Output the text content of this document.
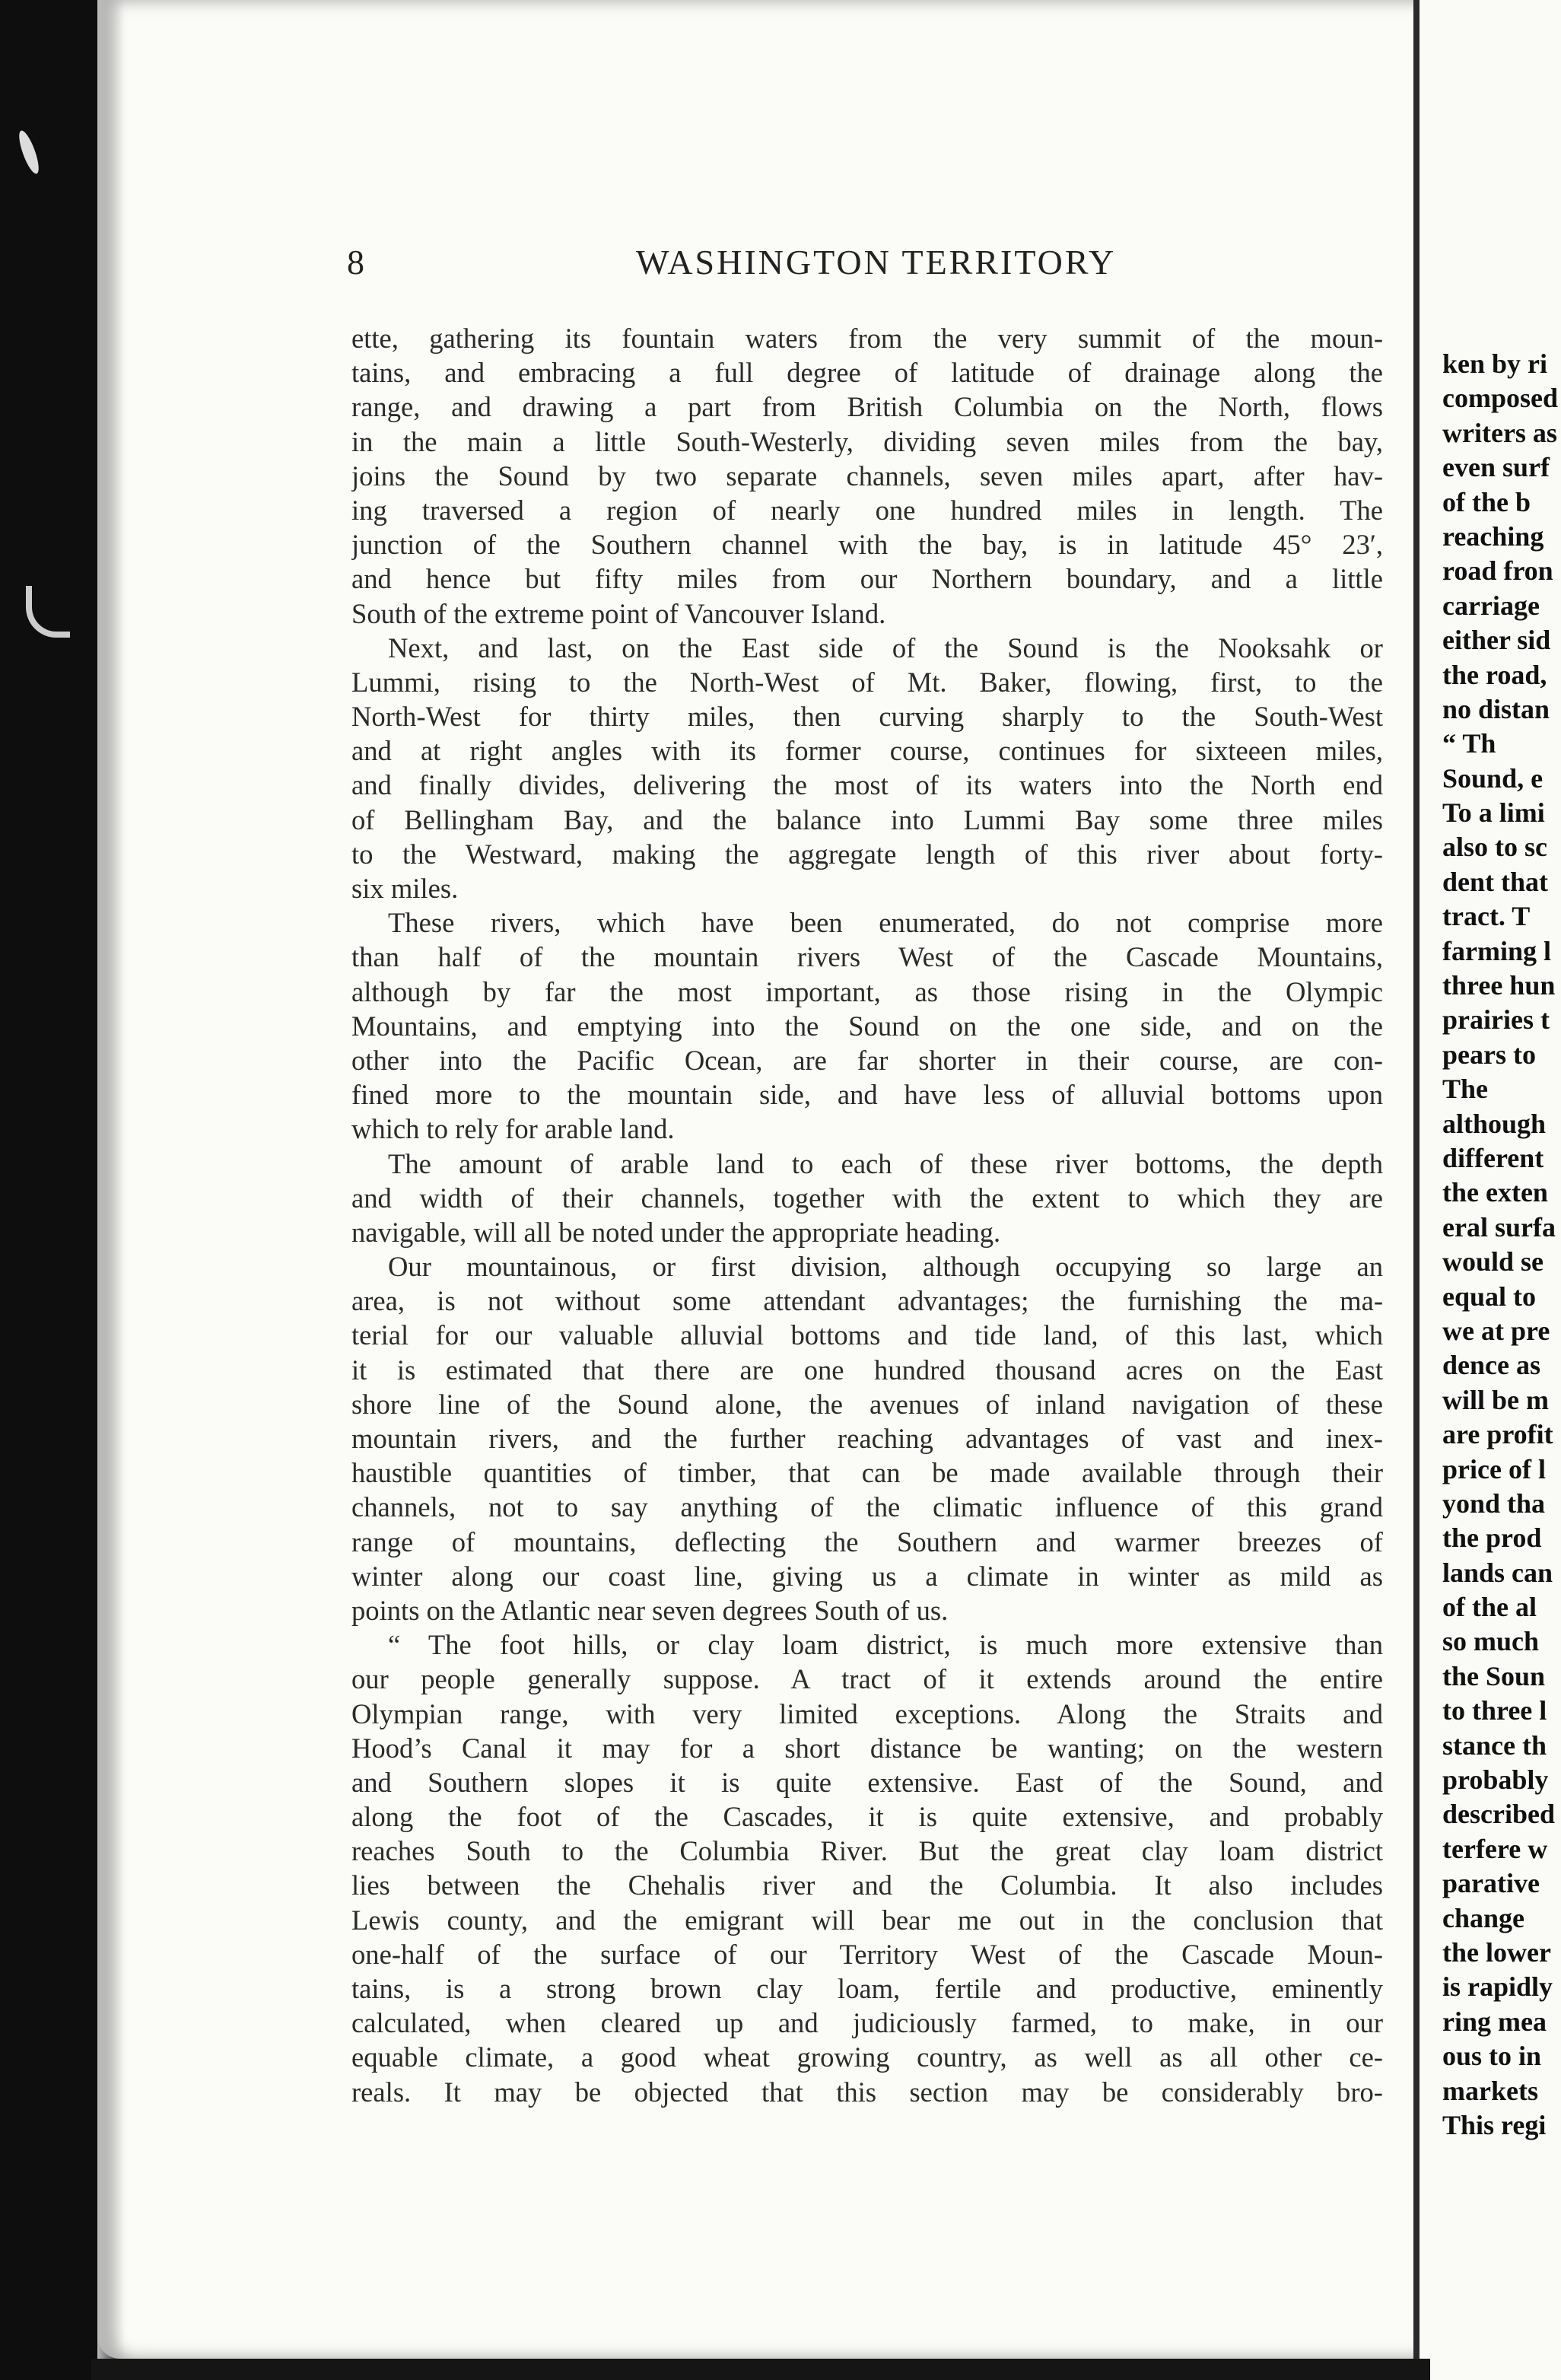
8	WASHINGTON TERRITORY
ette, gathering its fountain waters from the very summit of the moun-
tains, and embracing a full degree of latitude of drainage along the
range, and drawing a part from British Columbia on the North, flows
in the main a little South-Westerly, dividing seven miles from the bay,
joins the Sound by two separate channels, seven miles apart, after hav-
ing traversed a region of nearly one hundred miles in length. The
junction of the Southern channel with the bay, is in latitude 45° 23′,
and hence but fifty miles from our Northern boundary, and a little
South of the extreme point of Vancouver Island.
Next, and last, on the East side of the Sound is the Nooksahk or
Lummi, rising to the North-West of Mt. Baker, flowing, first, to the
North-West for thirty miles, then curving sharply to the South-West
and at right angles with its former course, continues for sixteeen miles,
and finally divides, delivering the most of its waters into the North end
of Bellingham Bay, and the balance into Lummi Bay some three miles
to the Westward, making the aggregate length of this river about forty-
six miles.
These rivers, which have been enumerated, do not comprise more
than half of the mountain rivers West of the Cascade Mountains,
although by far the most important, as those rising in the Olympic
Mountains, and emptying into the Sound on the one side, and on the
other into the Pacific Ocean, are far shorter in their course, are con-
fined more to the mountain side, and have less of alluvial bottoms upon
which to rely for arable land.
The amount of arable land to each of these river bottoms, the depth
and width of their channels, together with the extent to which they are
navigable, will all be noted under the appropriate heading.
Our mountainous, or first division, although occupying so large an
area, is not without some attendant advantages; the furnishing the ma-
terial for our valuable alluvial bottoms and tide land, of this last, which
it is estimated that there are one hundred thousand acres on the East
shore line of the Sound alone, the avenues of inland navigation of these
mountain rivers, and the further reaching advantages of vast and inex-
haustible quantities of timber, that can be made available through their
channels, not to say anything of the climatic influence of this grand
range of mountains, deflecting the Southern and warmer breezes of
winter along our coast line, giving us a climate in winter as mild as
points on the Atlantic near seven degrees South of us.
“ The foot hills, or clay loam district, is much more extensive than
our people generally suppose. A tract of it extends around the entire
Olympian range, with very limited exceptions. Along the Straits and
Hood’s Canal it may for a short distance be wanting; on the western
and Southern slopes it is quite extensive. East of the Sound, and
along the foot of the Cascades, it is quite extensive, and probably
reaches South to the Columbia River. But the great clay loam district
lies between the Chehalis river and the Columbia. It also includes
Lewis county, and the emigrant will bear me out in the conclusion that
one-half of the surface of our Territory West of the Cascade Moun-
tains, is a strong brown clay loam, fertile and productive, eminently
calculated, when cleared up and judiciously farmed, to make, in our
equable climate, a good wheat growing country, as well as all other ce-
reals. It may be objected that this section may be considerably bro-
ken by ri
composed
writers as
even surf
of the b
reaching
road fron
carriage
either sid
the road,
no distan
“ Th
Sound, e
To a limi
also to sc
dent that
tract. T
farming l
three hun
prairies t
pears to
The
although
different
the exten
eral surfa
would se
equal to
we at pre
dence as
will be m
are profit
price of l
yond tha
the prod
lands can
of the al
so much
the Soun
to three l
stance th
probably
described
terfere w
parative
change
the lower
is rapidly
ring mea
ous to in
markets
This regi
